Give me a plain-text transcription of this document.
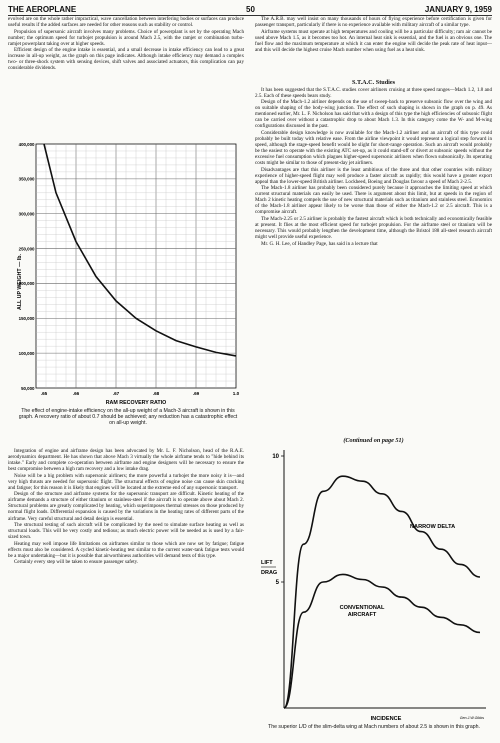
THE AEROPLANE	50	JANUARY 9, 1959

evolved are on the whole rather impractical, wave cancellation between interfering bodies or surfaces can produce useful results if the added surfaces are needed for other reasons such as stability or control.

Propulsion of supersonic aircraft involves many problems. Choice of powerplant is set by the operating Mach number; the optimum speed for turbojet propulsion is around Mach 2.5, with the ramjet or combination turbo-ramjet powerplant taking over at higher speeds.

Efficient design of the engine intake is essential, and a small decrease in intake efficiency can lead to a great increase in all-up weight, as the graph on this page indicates. Although intake efficiency may demand a complex two- or three-shock system with sensing devices, shift valves and associated actuators, this complication can pay considerable dividends.

400,000
350,000
300,000
250,000
200,000
150,000
100,000
50,000
.65	.66	.67	.68	.69	1.0
ALL UP WEIGHT — lb.
RAM RECOVERY RATIO
The effect of engine-intake efficiency on the all-up weight of a Mach-3 aircraft is shown in this graph. A recovery ratio of about 0.7 should be achieved; any reduction has a catastrophic effect on all-up weight.

Integration of engine and airframe design has been advocated by Mr. L. F. Nicholson, head of the R.A.E. aerodynamics department. He has shown that above Mach 3 virtually the whole airframe tends to "hide behind its intake." Early and complete co-operation between airframe and engine designers will be necessary to ensure the best compromise between a high ram recovery and a low intake drag.

Noise will be a big problem with supersonic airliners; the more powerful a turbojet the more noisy it is—and very high thrusts are needed for supersonic flight. The structural effects of engine noise can cause skin cracking and fatigue; for this reason it is likely that engines will be located at the extreme end of any supersonic transport.

Design of the structure and airframe systems for the supersonic transport are difficult. Kinetic heating of the airframe demands a structure of either titanium or stainless-steel if the aircraft is to operate above about Mach 2. Structural problems are greatly complicated by heating, which superimposes thermal stresses on those produced by normal flight loads. Differential expansion is caused by the variations in the heating rates of different parts of the airframe. Very careful structural and detail design is essential.

The structural testing of such aircraft will be complicated by the need to simulate surface heating as well as structural loads. This will be very costly and tedious; as much electric power will be needed as is used by a fair-sized town.

Heating may well impose life limitations on airframes similar to those which are now set by fatigue; fatigue effects must also be considered. A cycled kinetic-heating test similar to the current water-tank fatigue tests would be a major undertaking—but it is possible that airworthiness authorities will demand tests of this type.

Certainly every step will be taken to ensure passenger safety.

The A.R.B. may well insist on many thousands of hours of flying experience before certification is given for passenger transport, particularly if there is no experience available with military aircraft of a similar type.

Airframe systems must operate at high temperatures and cooling will be a particular difficulty; ram air cannot be used above Mach 1.5, as it becomes too hot. An internal heat sink is essential, and the fuel is an obvious one. The fuel flow and the maximum temperature at which it can enter the engine will decide the peak rate of heat input—and this will decide the highest cruise Mach number when using fuel as a heat sink.

S.T.A.C. Studies

It has been suggested that the S.T.A.C. studies cover airliners cruising at three speed ranges—Mach 1.2, 1.8 and 2.5. Each of these speeds bears study.

Design of the Mach-1.2 airliner depends on the use of sweep-back to preserve subsonic flow over the wing and on suitable shaping of the body-wing junction. The effect of such shaping is shown in the graph on p. 49. As mentioned earlier, Mr. L. F. Nicholson has said that with a design of this type the high efficiencies of subsonic flight can be carried over without a catastrophic drop to about Mach 1.3. In this category come the W- and M-wing configurations discussed in the past.

Considerable design knowledge is now available for the Mach-1.2 airliner and an aircraft of this type could probably be built today with relative ease. From the airline viewpoint it would represent a logical step forward in speed, although the stage-speed benefit would be slight for short-range operation. Such an aircraft would probably be the easiest to operate with the existing ATC set-up, as it could stand-off or divert at subsonic speeds without the excessive fuel consumption which plagues higher-speed supersonic airliners when flown subsonically. Its operating costs might be similar to those of present-day jet airliners.

Disadvantages are that this airliner is the least ambitious of the three and that other countries with military experience of higher-speed flight may well produce a faster aircraft as rapidly; this would have a greater export appeal than the lower-speed British airliner. Lockheed, Boeing and Douglas favour a speed of Mach 2-2.5.

The Mach-1.8 airliner has probably been considered purely because it approaches the limiting speed at which current structural materials can easily be used. There is argument about this limit, but at speeds in the region of Mach 2 kinetic heating compels the use of new structural materials such as titanium and stainless steel. Economics of the Mach-1.8 airliner appear likely to be worse than those of either the Mach-1.2 or 2.5 aircraft. This is a compromise aircraft.

The Mach-2.25 or 2.5 airliner is probably the fastest aircraft which is both technically and economically feasible at present. It flies at the most efficient speed for turbojet propulsion. For the airframe steel or titanium will be necessary. This would probably lengthen the development time, although the Bristol 188 all-steel research aircraft might well provide useful experience.

Mr. G. H. Lee, of Handley Page, has said in a lecture that

(Continued on page 51)
10
5
LIFT
DRAG
NARROW DELTA
CONVENTIONAL
AIRCRAFT
INCIDENCE	Gen.J.W.Gibbs
The superior L/D of the slim-delta wing at Mach numbers of about 2.5 is shown in this graph.
